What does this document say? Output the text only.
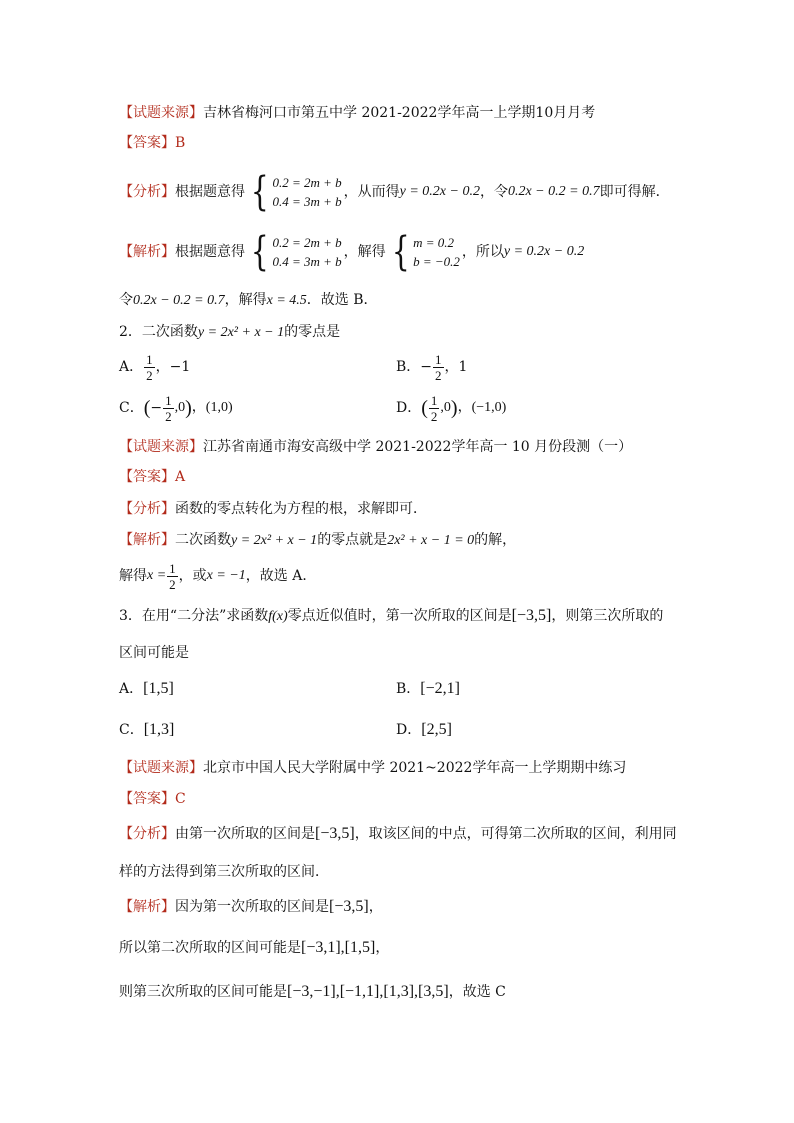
【试题来源】吉林省梅河口市第五中学 2021-2022学年高一上学期10月月考
【答案】B
【分析】 根据题意得 { 0.2 = 2m + b
0.4 = 3m + b
，从而得 y = 0.2x − 0.2 ，令 0.2x − 0.2 = 0.7 即可得解．
【解析】 根据题意得 { 0.2 = 2m + b
0.4 = 3m + b
，解得 { m = 0.2
b = −0.2
，所以 y = 0.2x − 0.2
令0.2x − 0.2 = 0.7，解得x = 4.5．故选 B．
2．二次函数y = 2x² + x − 1的零点是
A． $\frac{1}{2}$ ，−1	B． − $\frac{1}{2}$ ，1
C． ( − $\frac{1}{2} ,0$ ) ，(1,0)	D． ( $\frac{1}{2} ,0$ ) ，(−1,0)
【试题来源】江苏省南通市海安高级中学 2021-2022学年高一 10 月份段测（一）
【答案】A
【分析】函数的零点转化为方程的根，求解即可．
【解析】二次函数y = 2x² + x − 1的零点就是2x² + x − 1 = 0的解，
解得 $x = \frac{1}{2}$ ，或 x = −1 ，故选 A．
3．在用“二分法”求函数f(x)零点近似值时，第一次所取的区间是[−3,5]，则第三次所取的
区间可能是
A．[1,5]	B．[−2,1]
C．[1,3]	D．[2,5]
【试题来源】北京市中国人民大学附属中学 2021~2022学年高一上学期期中练习
【答案】C
【分析】由第一次所取的区间是[−3,5]，取该区间的中点，可得第二次所取的区间，利用同
样的方法得到第三次所取的区间．
【解析】因为第一次所取的区间是[−3,5]，
所以第二次所取的区间可能是[−3,1],[1,5]，
则第三次所取的区间可能是[−3,−1],[−1,1],[1,3],[3,5]，故选 C
